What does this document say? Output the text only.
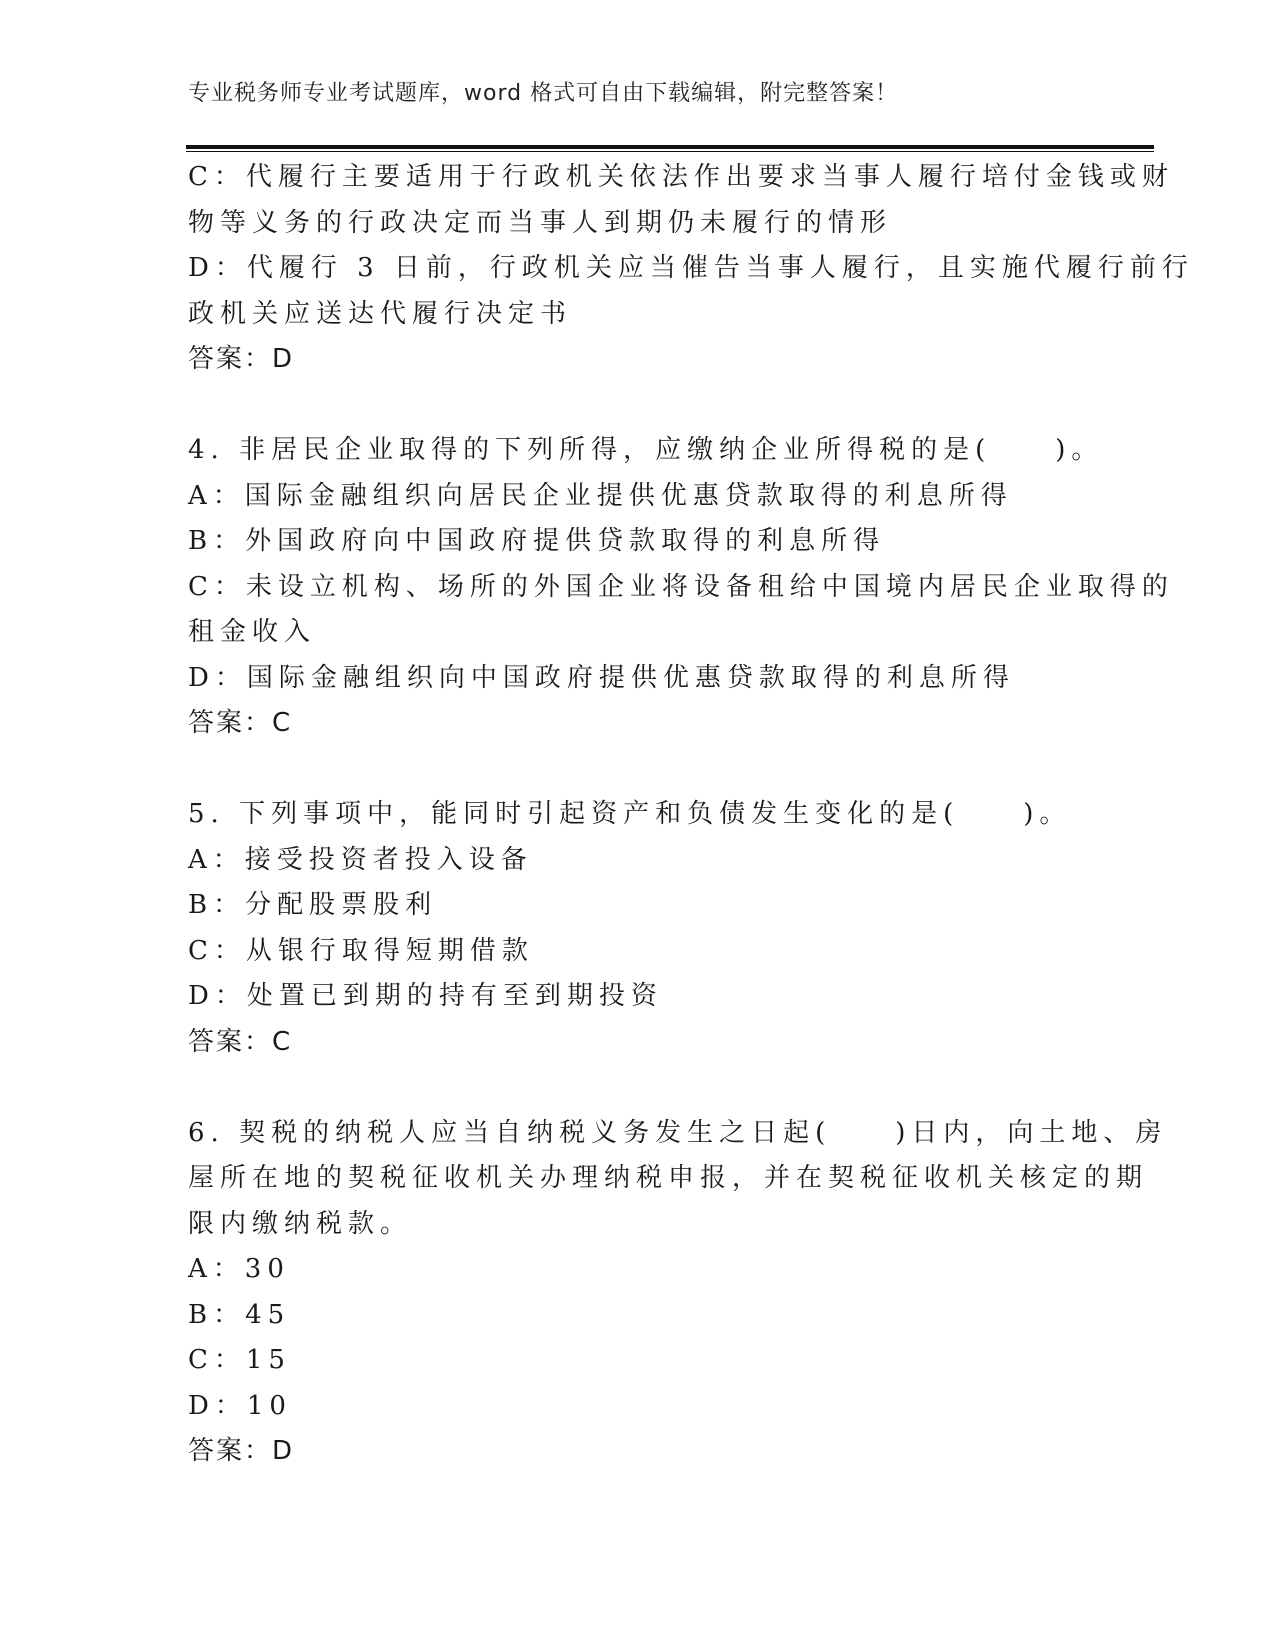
专业税务师专业考试题库，word 格式可自由下载编辑，附完整答案！
C：代履行主要适用于行政机关依法作出要求当事人履行培付金钱或财
物等义务的行政决定而当事人到期仍未履行的情形
D：代履行 3 日前，行政机关应当催告当事人履行，且实施代履行前行
政机关应送达代履行决定书
答案：D
4. 非居民企业取得的下列所得，应缴纳企业所得税的是(　　)。
A：国际金融组织向居民企业提供优惠贷款取得的利息所得
B：外国政府向中国政府提供贷款取得的利息所得
C：未设立机构、场所的外国企业将设备租给中国境内居民企业取得的
租金收入
D：国际金融组织向中国政府提供优惠贷款取得的利息所得
答案：C
5. 下列事项中，能同时引起资产和负债发生变化的是(　　)。
A：接受投资者投入设备
B：分配股票股利
C：从银行取得短期借款
D：处置已到期的持有至到期投资
答案：C
6. 契税的纳税人应当自纳税义务发生之日起(　　)日内，向土地、房
屋所在地的契税征收机关办理纳税申报，并在契税征收机关核定的期
限内缴纳税款。
A：30
B：45
C：15
D：10
答案：D
